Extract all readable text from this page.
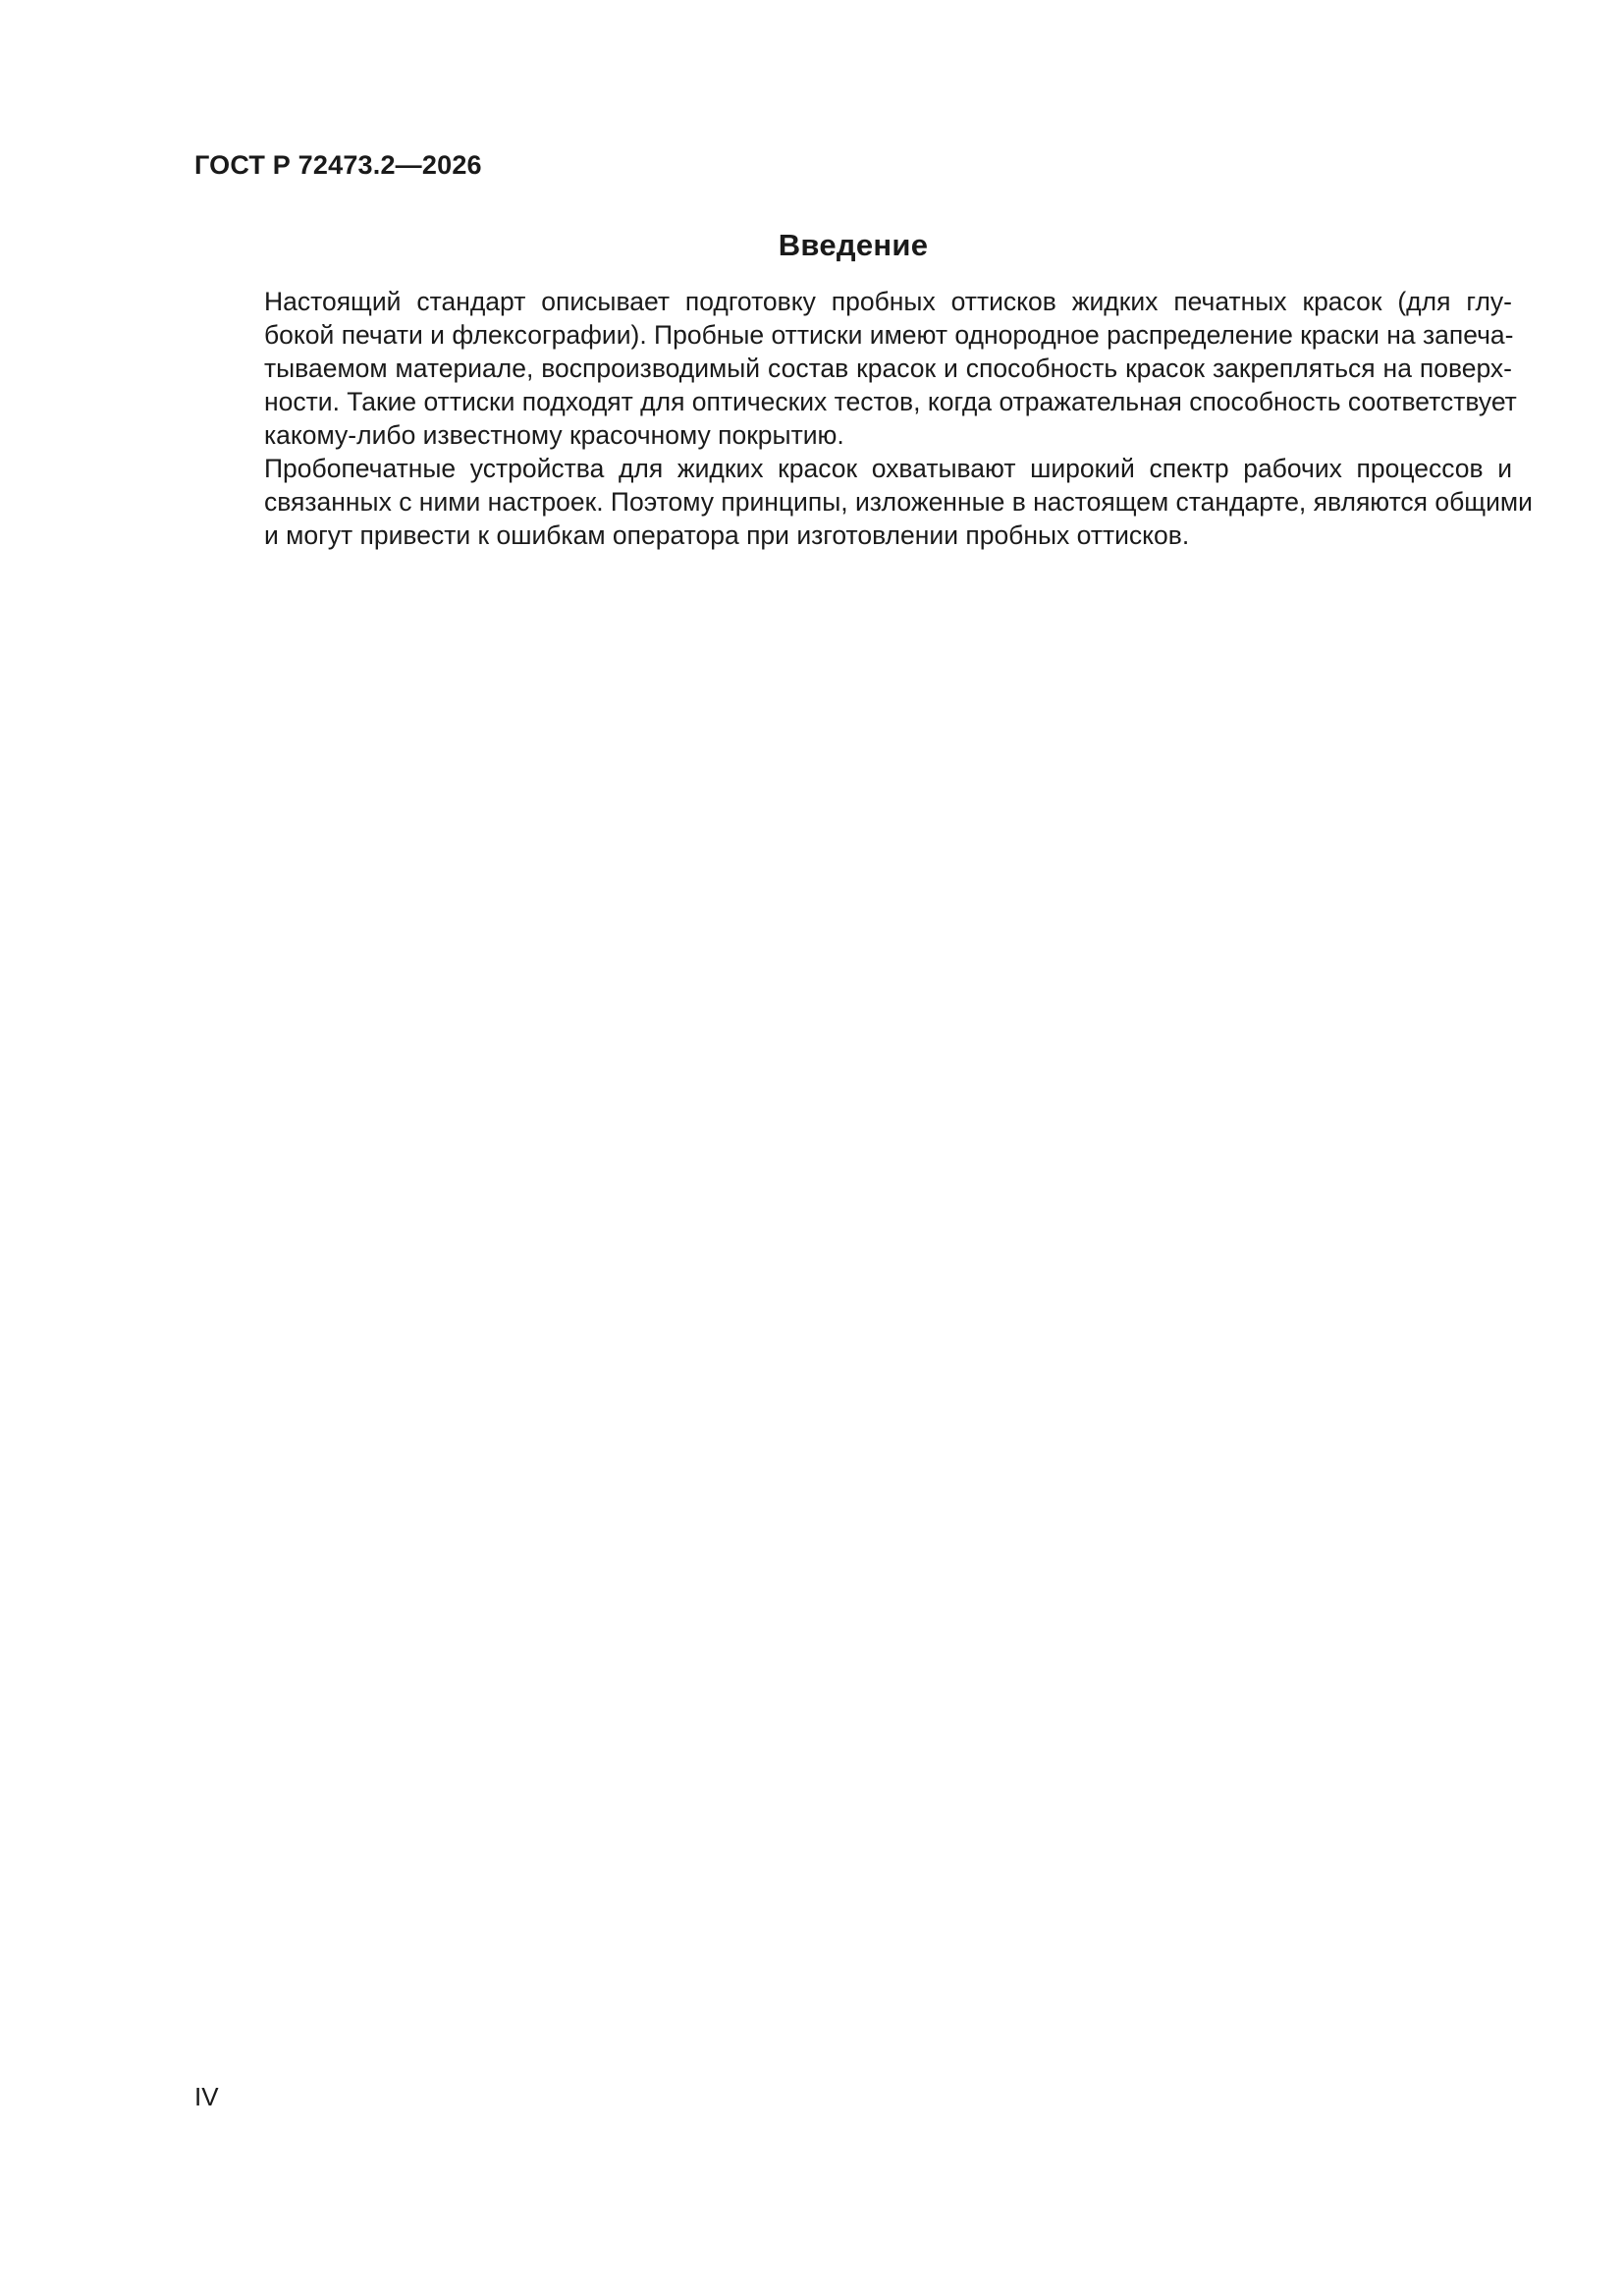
ГОСТ Р 72473.2—2026
Введение

Настоящий стандарт описывает подготовку пробных оттисков жидких печатных красок (для глу-
бокой печати и флексографии). Пробные оттиски имеют однородное распределение краски на запеча-
тываемом материале, воспроизводимый состав красок и способность красок закрепляться на поверх-
ности. Такие оттиски подходят для оптических тестов, когда отражательная способность соответствует
какому-либо известному красочному покрытию.

Пробопечатные устройства для жидких красок охватывают широкий спектр рабочих процессов и
связанных с ними настроек. Поэтому принципы, изложенные в настоящем стандарте, являются общими
и могут привести к ошибкам оператора при изготовлении пробных оттисков.

IV
